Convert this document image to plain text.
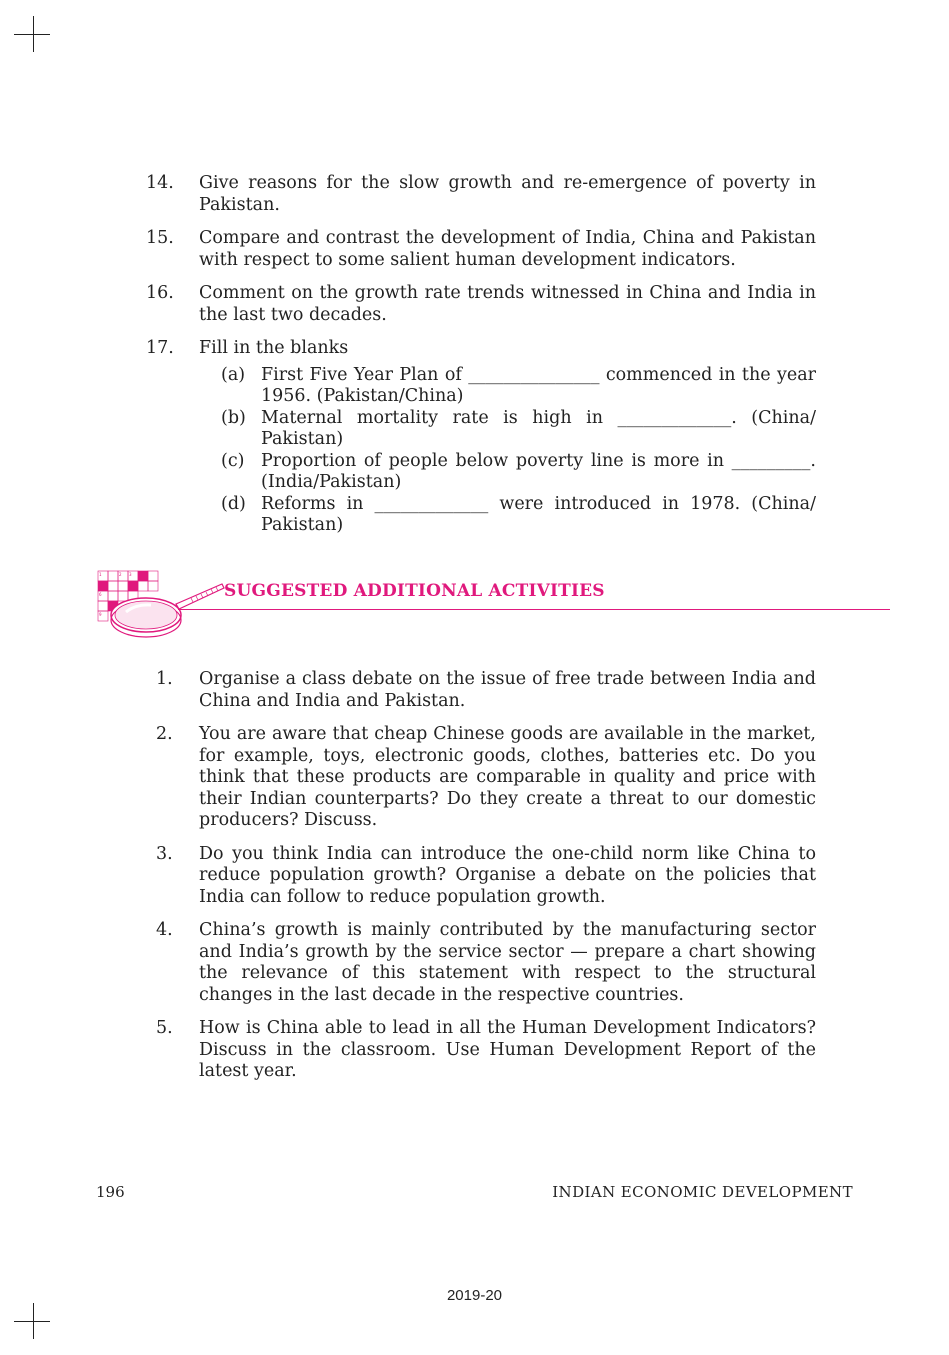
14.	Give reasons for the slow growth and re-emergence of poverty in Pakistan.
15.	Compare and contrast the development of India, China and Pakistan with respect to some salient human development indicators.
16.	Comment on the growth rate trends witnessed in China and India in the last two decades.
17.	Fill in the blanks
(a) First Five Year Plan of _______________ commenced in the year 1956. (Pakistan/China)
(b) Maternal mortality rate is high in _____________. (China/ Pakistan)
(c) Proportion of people below poverty line is more in _________. (India/Pakistan)
(d) Reforms in _____________ were introduced in 1978. (China/ Pakistan)
1	2 3
6
9
SUGGESTED ADDITIONAL ACTIVITIES
1.	Organise a class debate on the issue of free trade between India and China and India and Pakistan.
2.	You are aware that cheap Chinese goods are available in the market, for example, toys, electronic goods, clothes, batteries etc. Do you think that these products are comparable in quality and price with their Indian counterparts? Do they create a threat to our domestic producers? Discuss.
3.	Do you think India can introduce the one-child norm like China to reduce population growth? Organise a debate on the policies that India can follow to reduce population growth.
4.	China’s growth is mainly contributed by the manufacturing sector and India’s growth by the service sector — prepare a chart showing the relevance of this statement with respect to the structural changes in the last decade in the respective countries.
5.	How is China able to lead in all the Human Development Indicators? Discuss in the classroom. Use Human Development Report of the latest year.
196	INDIAN ECONOMIC DEVELOPMENT
2019-20
